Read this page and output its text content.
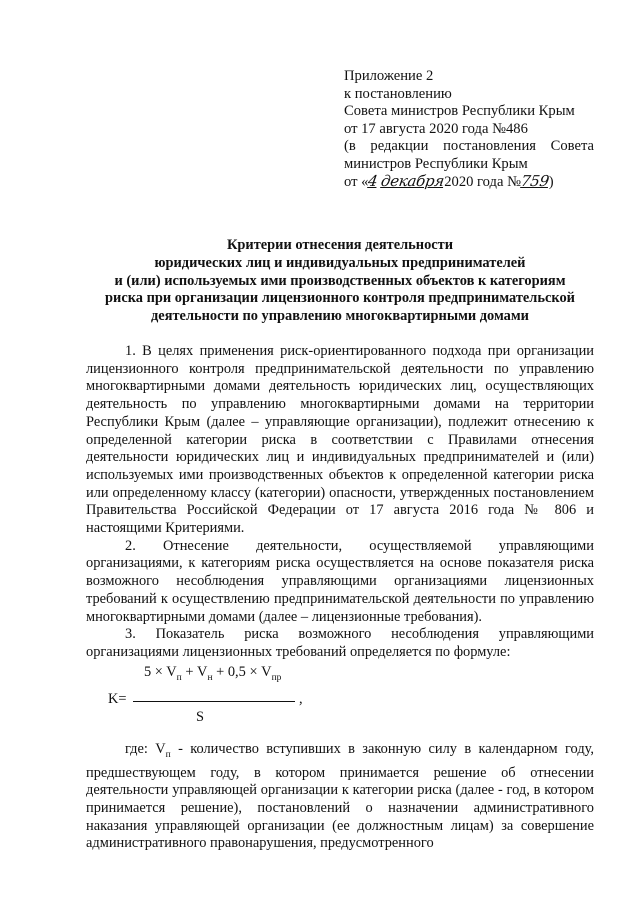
Приложение 2
к постановлению
Совета министров Республики Крым
от 17 августа 2020 года №486
(в редакции постановления Совета
министров Республики Крым
от «4 декабря2020 года №759)
Критерии отнесения деятельности
юридических лиц и индивидуальных предпринимателей
и (или) используемых ими производственных объектов к категориям
риска при организации лицензионного контроля предпринимательской
деятельности по управлению многоквартирными домами

1. В целях применения риск-ориентированного подхода при организации лицензионного контроля предпринимательской деятельности по управлению многоквартирными домами деятельность юридических лиц, осуществляющих деятельность по управлению многоквартирными домами на территории Республики Крым (далее – управляющие организации), подлежит отнесению к определенной категории риска в соответствии с Правилами отнесения деятельности юридических лиц и индивидуальных предпринимателей и (или) используемых ими производственных объектов к определенной категории риска или определенному классу (категории) опасности, утвержденных постановлением Правительства Российской Федерации от 17 августа 2016 года № 806 и настоящими Критериями.

2. Отнесение деятельности, осуществляемой управляющими организациями, к категориям риска осуществляется на основе показателя риска возможного несоблюдения управляющими организациями лицензионных требований к осуществлению предпринимательской деятельности по управлению многоквартирными домами (далее – лицензионные требования).

3. Показатель риска возможного несоблюдения управляющими организациями лицензионных требований определяется по формуле:

$5 \times V_п + V_н + 0,5 \times V_{пр}$
K=	,
S

где: $V_п$ - количество вступивших в законную силу в календарном году, предшествующем году, в котором принимается решение об отнесении деятельности управляющей организации к категории риска (далее - год, в котором принимается решение), постановлений о назначении административного наказания управляющей организации (ее должностным лицам) за совершение административного правонарушения, предусмотренного
